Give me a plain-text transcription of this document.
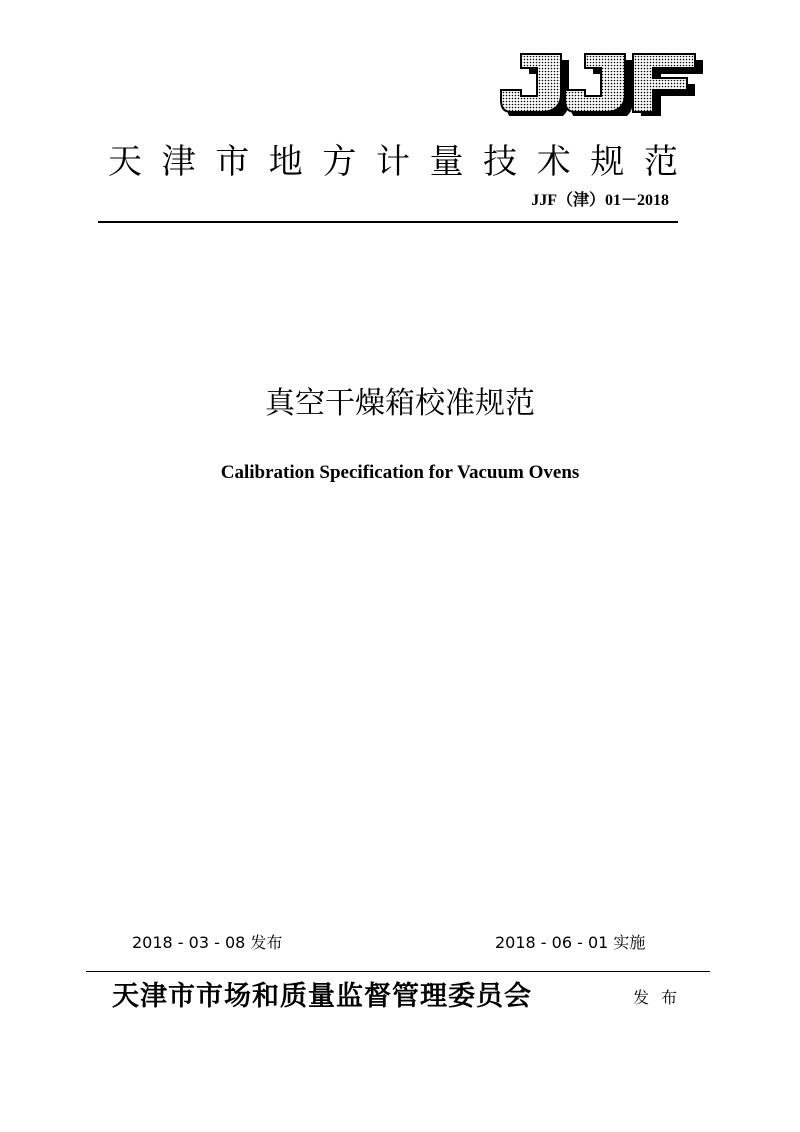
天 津 市 地 方 计 量 技 术 规 范
JJF（津）01－2018
真空干燥箱校准规范
Calibration Specification for Vacuum Ovens
2018 - 03 - 08 发布	2018 - 06 - 01 实施
天津市市场和质量监督管理委员会	发布
